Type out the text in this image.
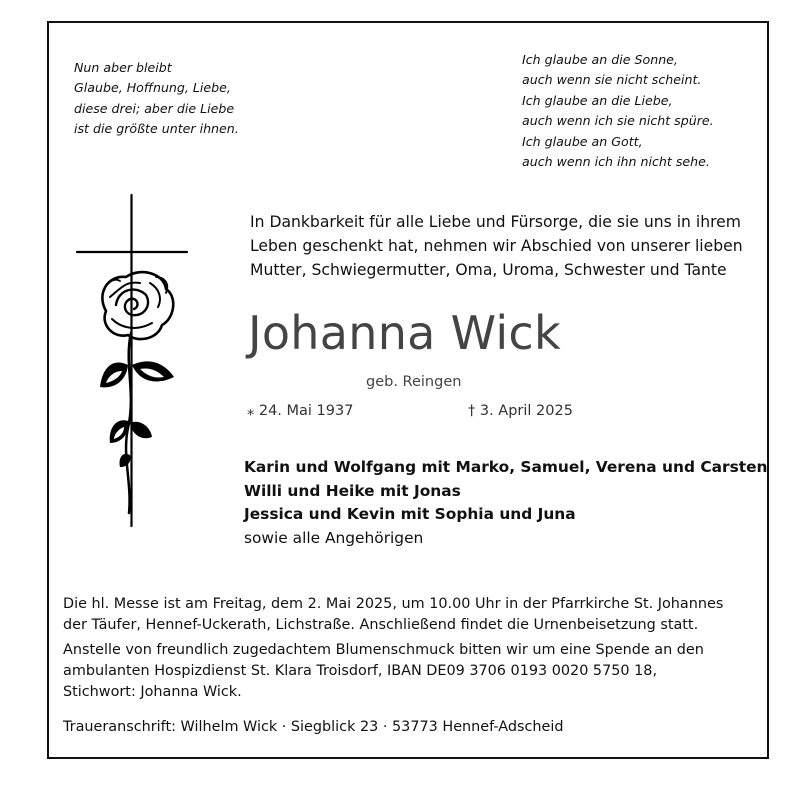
Nun aber bleibt

Glaube, Hoffnung, Liebe,

diese drei; aber die Liebe

ist die größte unter ihnen.

Ich glaube an die Sonne,

auch wenn sie nicht scheint.

Ich glaube an die Liebe,

auch wenn ich sie nicht spüre.

Ich glaube an Gott,

auch wenn ich ihn nicht sehe.

In Dankbarkeit für alle Liebe und Fürsorge, die sie uns in ihrem

Leben geschenkt hat, nehmen wir Abschied von unserer lieben

Mutter, Schwiegermutter, Oma, Uroma, Schwester und Tante

Johanna Wick
geb. Reingen
⁎ 24. Mai 1937	† 3. April 2025

Karin und Wolfgang mit Marko, Samuel, Verena und Carsten

Willi und Heike mit Jonas

Jessica und Kevin mit Sophia und Juna

sowie alle Angehörigen

Die hl. Messe ist am Freitag, dem 2. Mai 2025, um 10.00 Uhr in der Pfarrkirche St. Johannes

der Täufer, Hennef-Uckerath, Lichstraße. Anschließend findet die Urnenbeisetzung statt.

Anstelle von freundlich zugedachtem Blumenschmuck bitten wir um eine Spende an den

ambulanten Hospizdienst St. Klara Troisdorf, IBAN DE09 3706 0193 0020 5750 18,

Stichwort: Johanna Wick.

Traueranschrift: Wilhelm Wick · Siegblick 23 · 53773 Hennef-Adscheid
